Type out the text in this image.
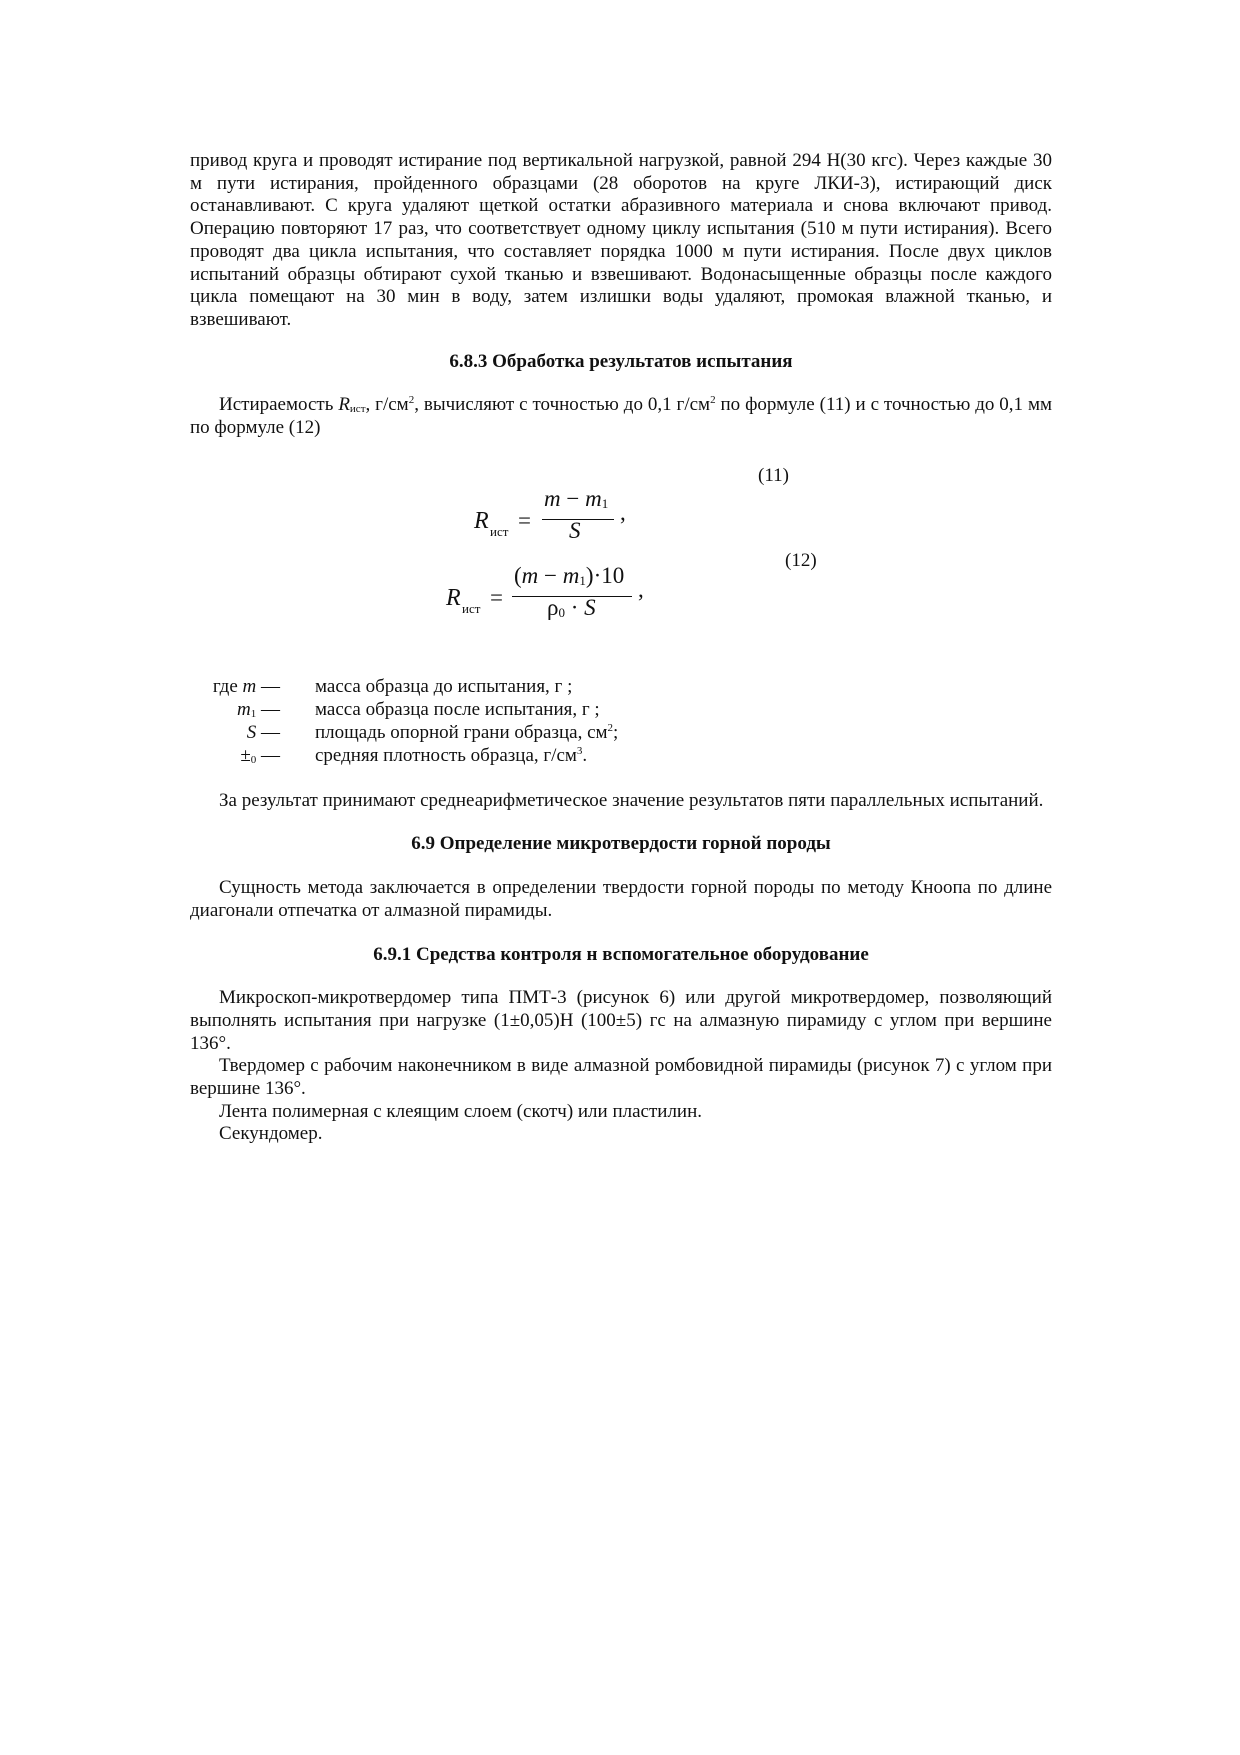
привод круга и проводят истирание под вертикальной нагрузкой, равной 294 Н(30 кгс). Через каждые 30 м пути истирания, пройденного образцами (28 оборотов на круге ЛКИ-3), истирающий диск останавливают. С круга удаляют щеткой остатки абразивного материала и снова включают привод. Операцию повторяют 17 раз, что соответствует одному циклу испытания (510 м пути истирания). Всего проводят два цикла испытания, что составляет порядка 1000 м пути истирания. После двух циклов испытаний образцы обтирают сухой тканью и взвешивают. Водонасыщенные образцы после каждого цикла помещают на 30 мин в воду, затем излишки воды удаляют, промокая влажной тканью, и взвешивают.

6.8.3 Обработка результатов испытания

Истираемость $R_{ист}$, $г/см^2$, вычисляют с точностью до 0,1 $г/см^2$ по формуле (11) и с точностью до 0,1 мм по формуле (12)

(11)
R ист =
$m - m_1$
S
,
(12)
R ист =
$(m - m_1)\cdot 10$
$\rho_0 \cdot S$
,
где m — масса образца до испытания, г ;
$m_1$ — масса образца после испытания, г ;
S — площадь опорной грани образца, $см^2$;
$\pm_0$ — средняя плотность образца, $г/см^3$.

За результат принимают среднеарифметическое значение результатов пяти параллельных испытаний.

6.9 Определение микротвердости горной породы

Сущность метода заключается в определении твердости горной породы по методу Кноопа по длине диагонали отпечатка от алмазной пирамиды.

6.9.1 Средства контроля н вспомогательное оборудование

Микроскоп-микротвердомер типа ПМТ-3 (рисунок 6) или другой микротвердомер, позволяющий выполнять испытания при нагрузке (1±0,05)Н (100±5) гс на алмазную пирамиду с углом при вершине 136°.

Твердомер с рабочим наконечником в виде алмазной ромбовидной пирамиды (рисунок 7) с углом при вершине 136°.

Лента полимерная с клеящим слоем (скотч) или пластилин.

Секундомер.
